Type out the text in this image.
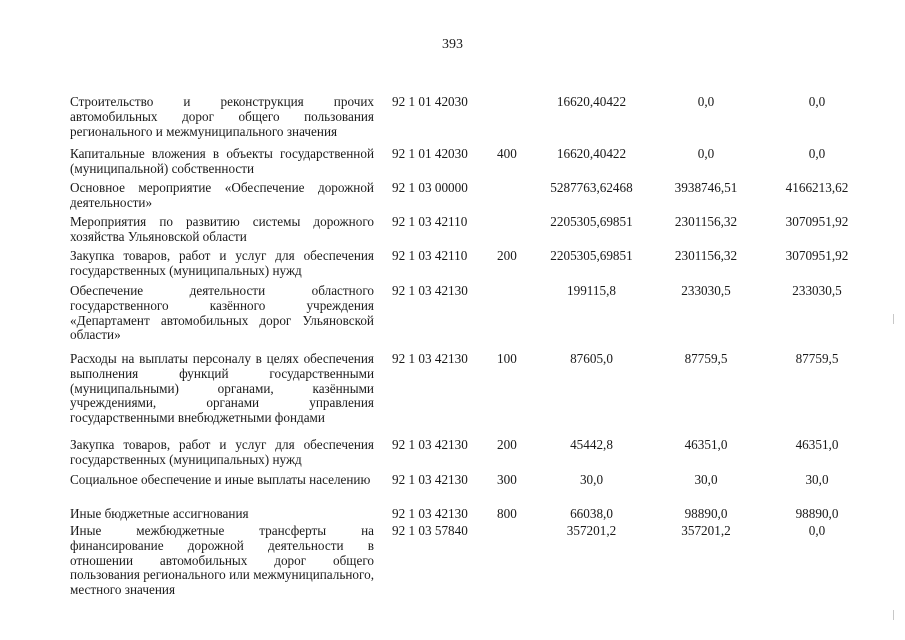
393
Строительство и реконструкция прочих автомобильных дорог общего пользования регионального и межмуниципального значения
92 1 01 42030	16620,40422	0,0	0,0
Капитальные вложения в объекты государственной (муниципальной) собственности
92 1 01 42030 400	16620,40422	0,0	0,0
Основное мероприятие «Обеспечение дорожной деятельности»
92 1 03 00000	5287763,62468	3938746,51	4166213,62
Мероприятия по развитию системы дорожного хозяйства Ульяновской области
92 1 03 42110	2205305,69851	2301156,32	3070951,92
Закупка товаров, работ и услуг для обеспечения государственных (муниципальных) нужд
92 1 03 42110 200	2205305,69851	2301156,32	3070951,92
Обеспечение деятельности областного государственного казённого учреждения «Департамент автомобильных дорог Ульяновской области»
92 1 03 42130	199115,8	233030,5	233030,5
Расходы на выплаты персоналу в целях обеспечения выполнения функций государственными (муниципальными) органами, казёнными учреждениями, органами управления государственными внебюджетными фондами
92 1 03 42130 100	87605,0	87759,5	87759,5
Закупка товаров, работ и услуг для обеспечения государственных (муниципальных) нужд
92 1 03 42130 200	45442,8	46351,0	46351,0
Социальное обеспечение и иные выплаты населению 92 1 03 42130 300	30,0	30,0	30,0
Иные бюджетные ассигнования	92 1 03 42130 800	66038,0	98890,0	98890,0
Иные межбюджетные трансферты на финансирование дорожной деятельности в отношении автомобильных дорог общего пользования регионального или межмуниципального, местного значения
92 1 03 57840	357201,2	357201,2	0,0
